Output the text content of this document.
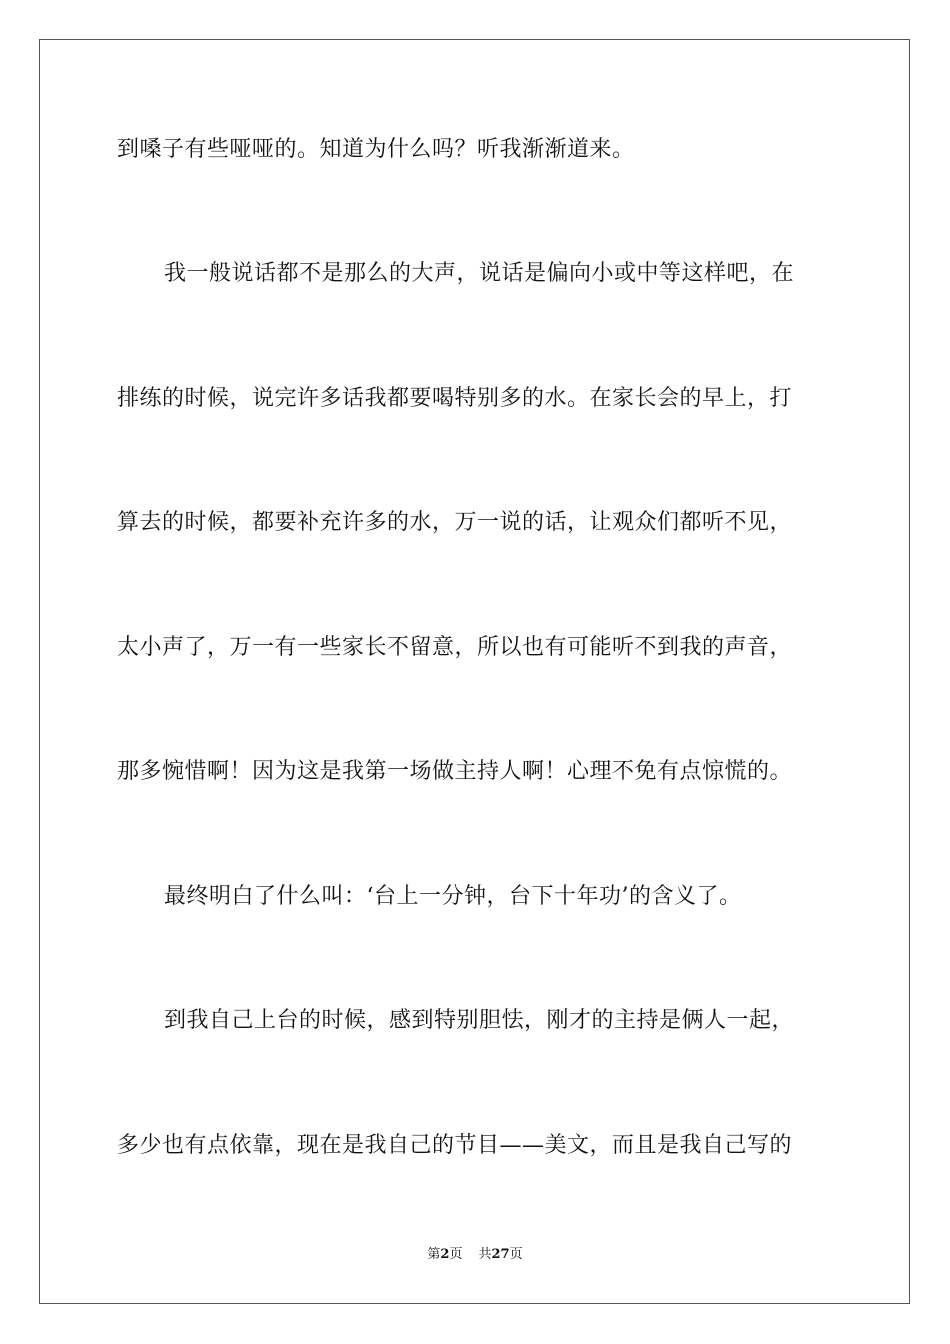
到嗓子有些哑哑的。知道为什么吗？听我渐渐道来。
我一般说话都不是那么的大声，说话是偏向小或中等这样吧，在
排练的时候，说完许多话我都要喝特别多的水。在家长会的早上，打
算去的时候，都要补充许多的水，万一说的话，让观众们都听不见，
太小声了，万一有一些家长不留意，所以也有可能听不到我的声音，
那多惋惜啊！因为这是我第一场做主持人啊！心理不免有点惊慌的。
最终明白了什么叫：‘台上一分钟，台下十年功’的含义了。
到我自己上台的时候，感到特别胆怯，刚才的主持是俩人一起，
多少也有点依靠，现在是我自己的节目——美文，而且是我自己写的
第2页 共27页
